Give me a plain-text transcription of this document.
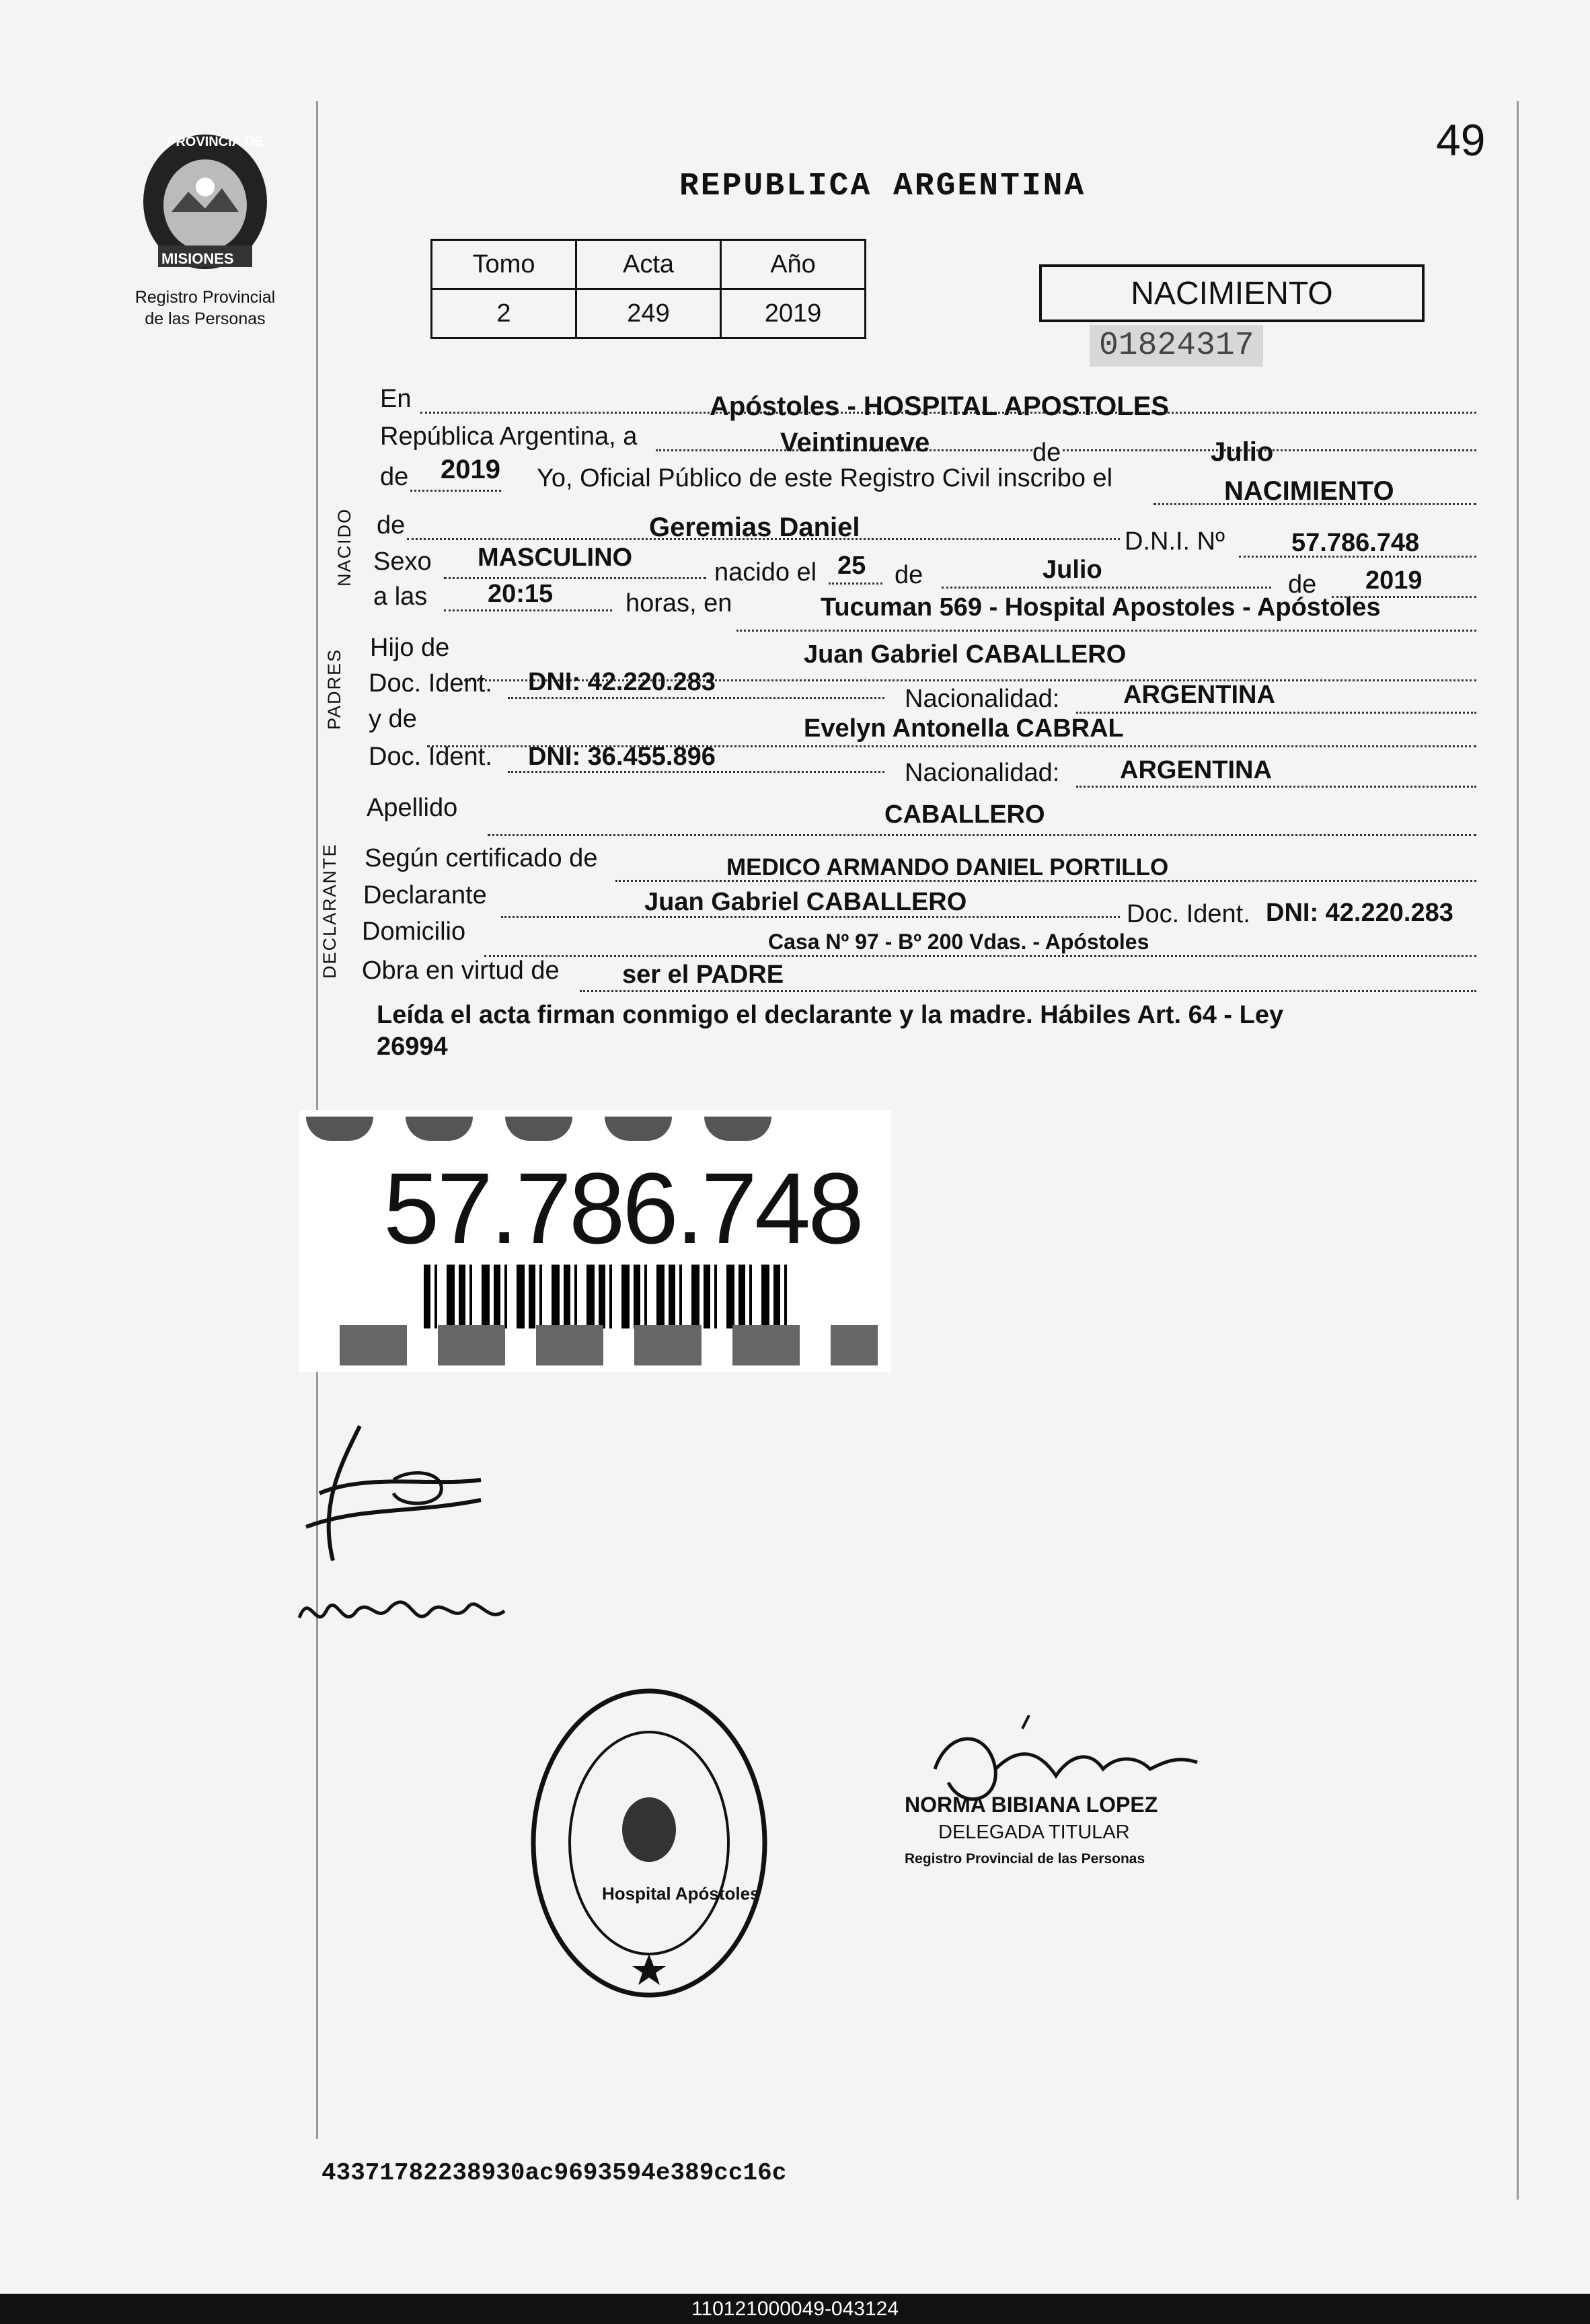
PROVINCIA DE
MISIONES
Registro Provincial
de las Personas
49
REPUBLICA ARGENTINA
Tomo	Acta	Año
2	249	2019
NACIMIENTO
01824317
En	Apóstoles - HOSPITAL APOSTOLES
República Argentina, a	Veintinueve	de	Julio
de 2019 Yo, Oficial Público de este Registro Civil inscribo el	NACIMIENTO
NACIDO de	Geremias Daniel	D.N.I. Nº	57.786.748
Sexo MASCULINO
nacido el 25 de	Julio
de 2019
a las 20:15	horas, en	Tucuman 569 - Hospital Apostoles - Apóstoles
PADRES
Hijo de	Juan Gabriel CABALLERO
Doc. Ident. DNI: 42.220.283
Nacionalidad: ARGENTINA
y de	Evelyn Antonella CABRAL
Doc. Ident. DNI: 36.455.896
Nacionalidad: ARGENTINA
Apellido	CABALLERO
DECLARANTE Según certificado de	MEDICO ARMANDO DANIEL PORTILLO
Declarante	Juan Gabriel CABALLERO	Doc. Ident. DNI: 42.220.283
Domicilio	Casa Nº 97 - Bº 200 Vdas. - Apóstoles
Obra en virtud de ser el PADRE
Leída el acta firman conmigo el declarante y la madre. Hábiles Art. 64 - Ley
26994
57.786.748
Hospital Apóstoles
NORMA BIBIANA LOPEZ
DELEGADA TITULAR
Registro Provincial de las Personas
43371782238930ac9693594e389cc16c
110121000049-043124
